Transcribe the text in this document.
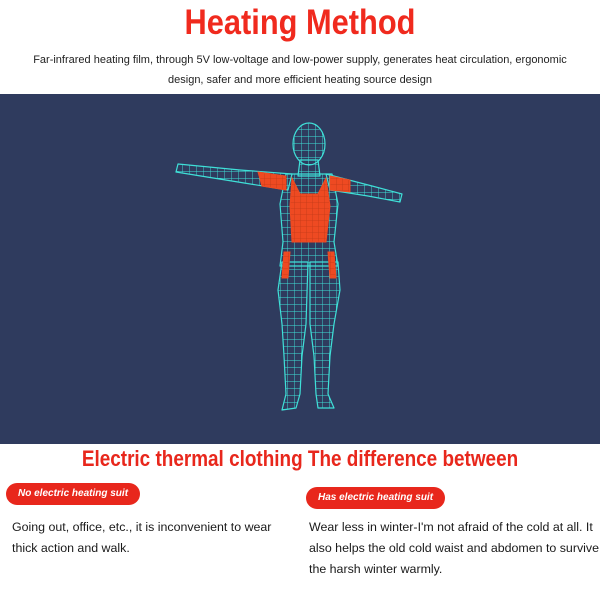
Heating Method
Far-infrared heating film, through 5V low-voltage and low-power supply, generates heat circulation, ergonomic design, safer and more efficient heating source design
Electric thermal clothing The difference between
No electric heating suit
Going out, office, etc., it is inconvenient to wear thick action and walk.
Has electric heating suit
Wear less in winter-I'm not afraid of the cold at all. It also helps the old cold waist and abdomen to survive the harsh winter warmly.
